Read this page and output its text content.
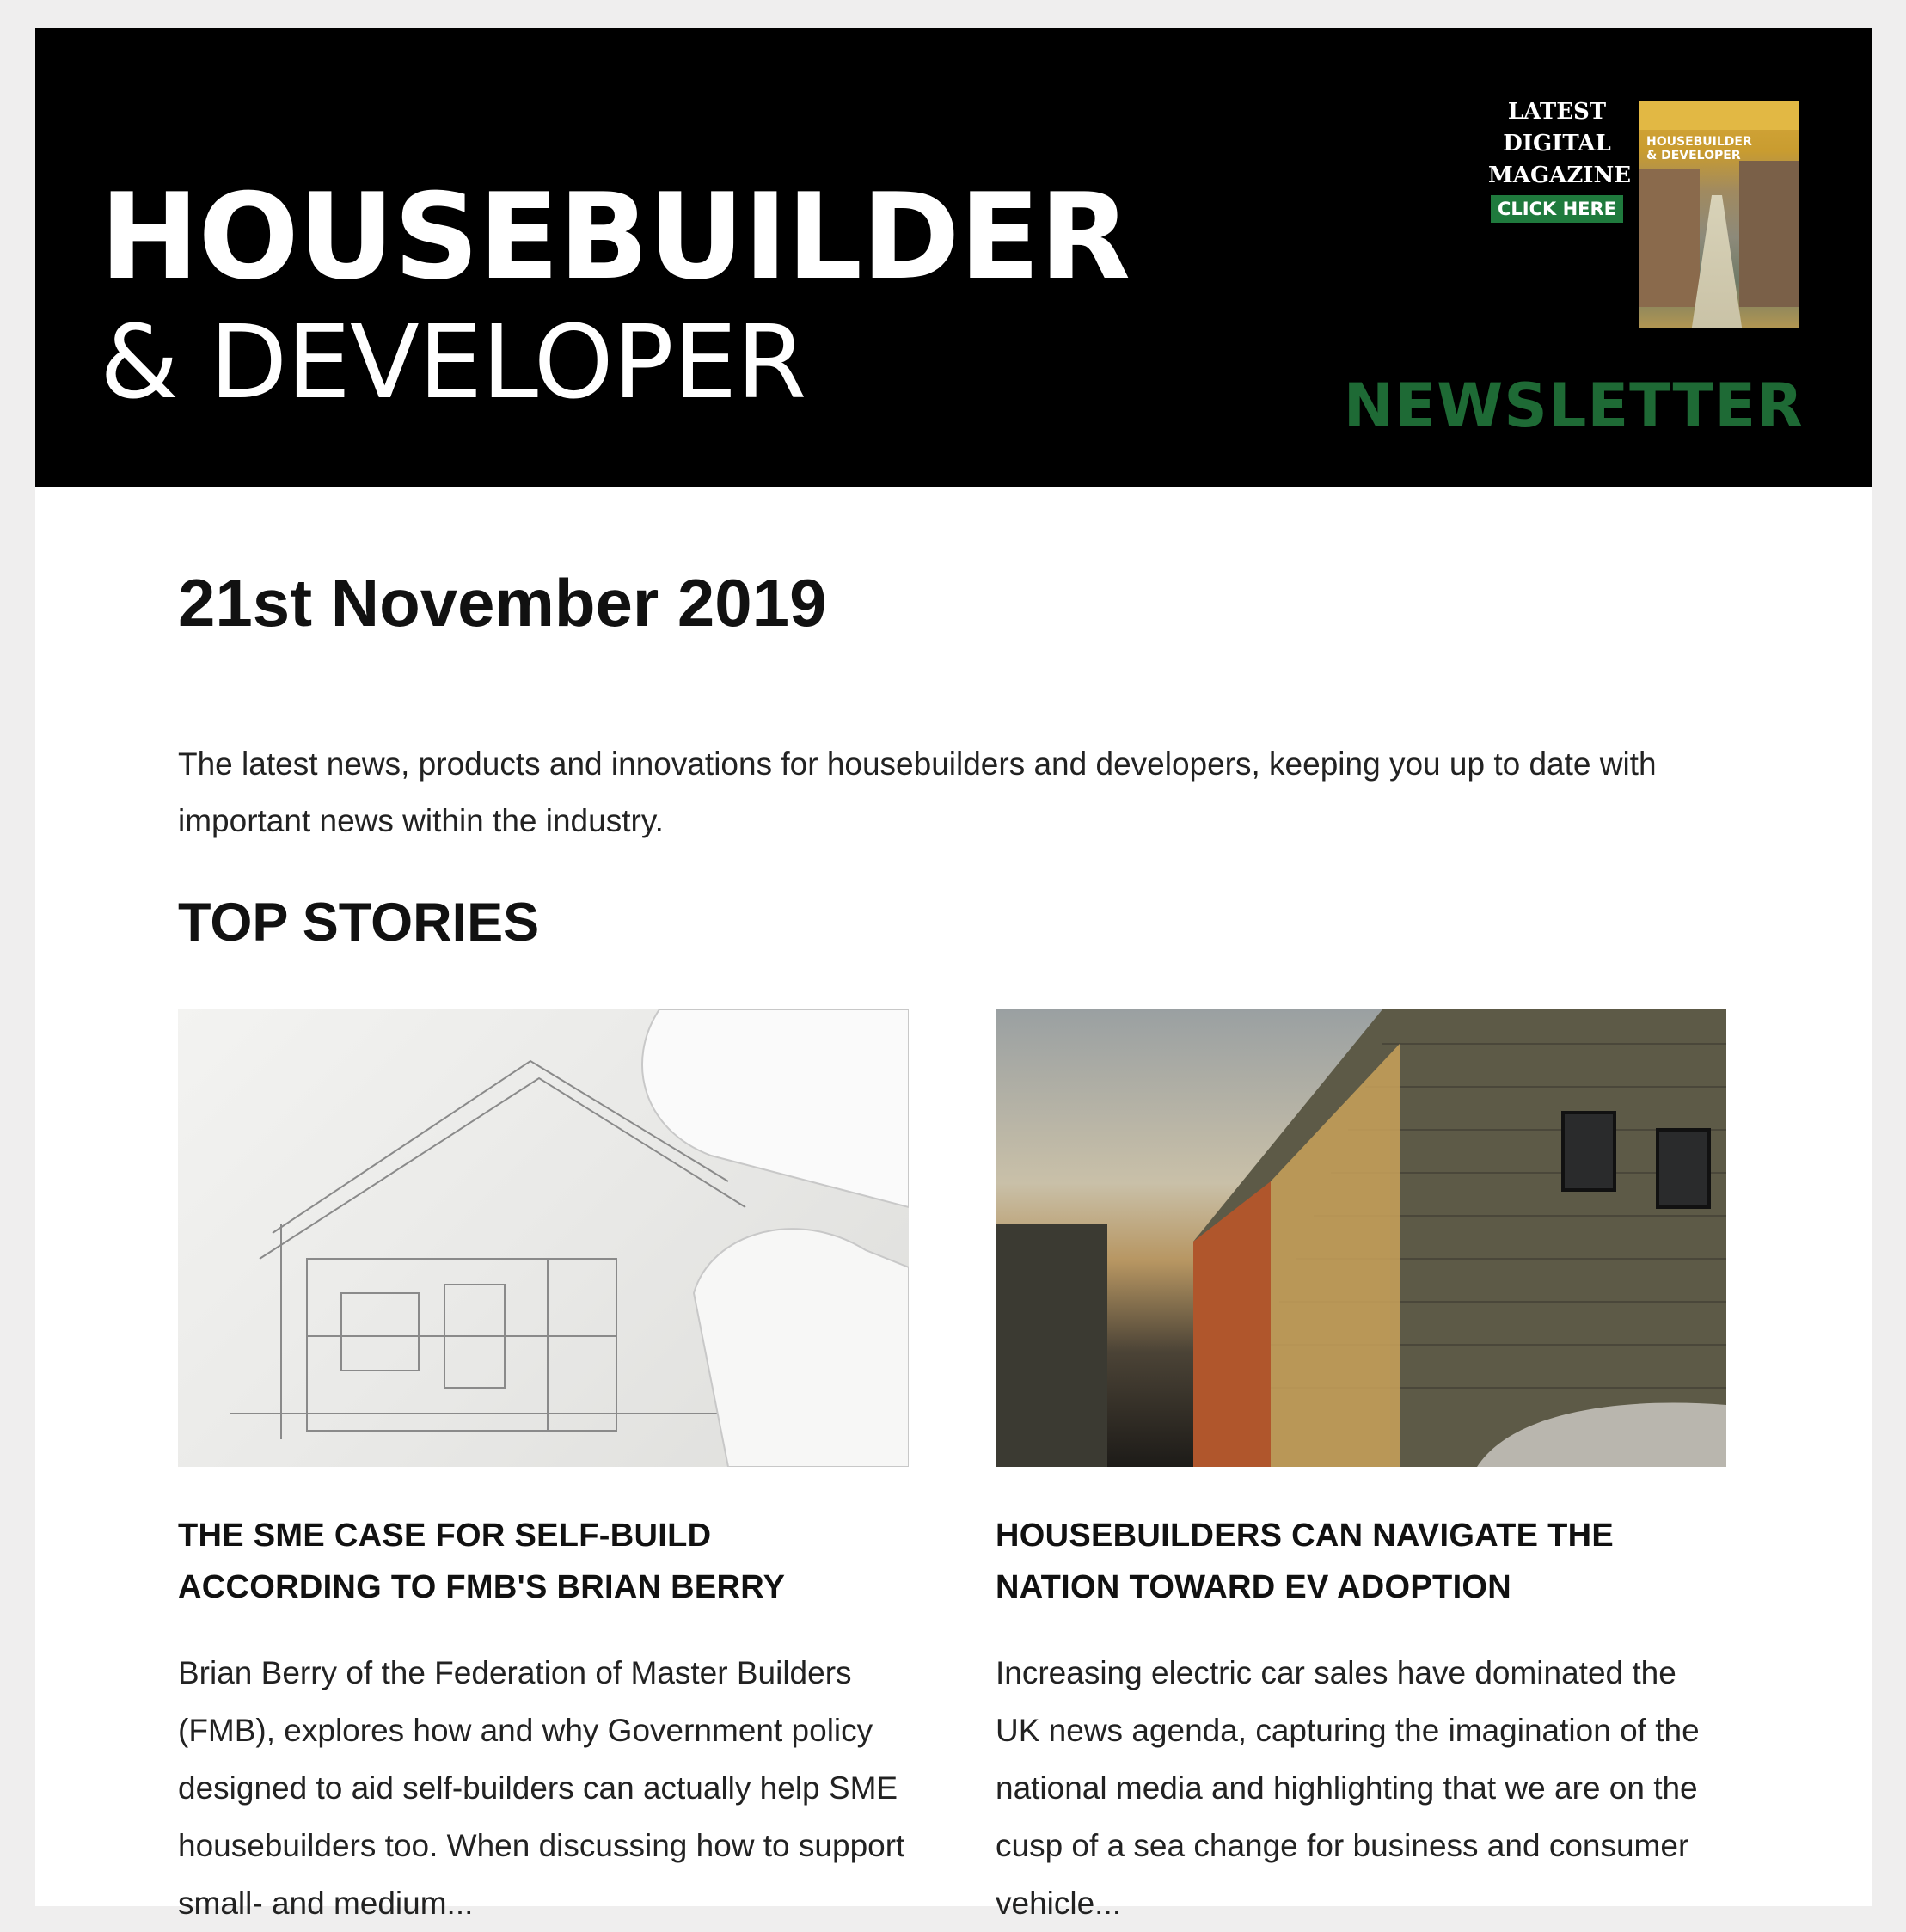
HOUSEBUILDER
& DEVELOPER
LATEST
DIGITAL
MAGAZINE
CLICK HERE
HOUSEBUILDER
& DEVELOPER
NEWSLETTER
21st November 2019

The latest news, products and innovations for housebuilders and developers, keeping you up to date with important news within the industry.

TOP STORIES
THE SME CASE FOR SELF-BUILD
ACCORDING TO FMB'S BRIAN BERRY

Brian Berry of the Federation of Master Builders (FMB), explores how and why Government policy designed to aid self-builders can actually help SME housebuilders too. When discussing how to support small- and medium...

HOUSEBUILDERS CAN NAVIGATE THE
NATION TOWARD EV ADOPTION

Increasing electric car sales have dominated the UK news agenda, capturing the imagination of the national media and highlighting that we are on the cusp of a sea change for business and consumer vehicle...
